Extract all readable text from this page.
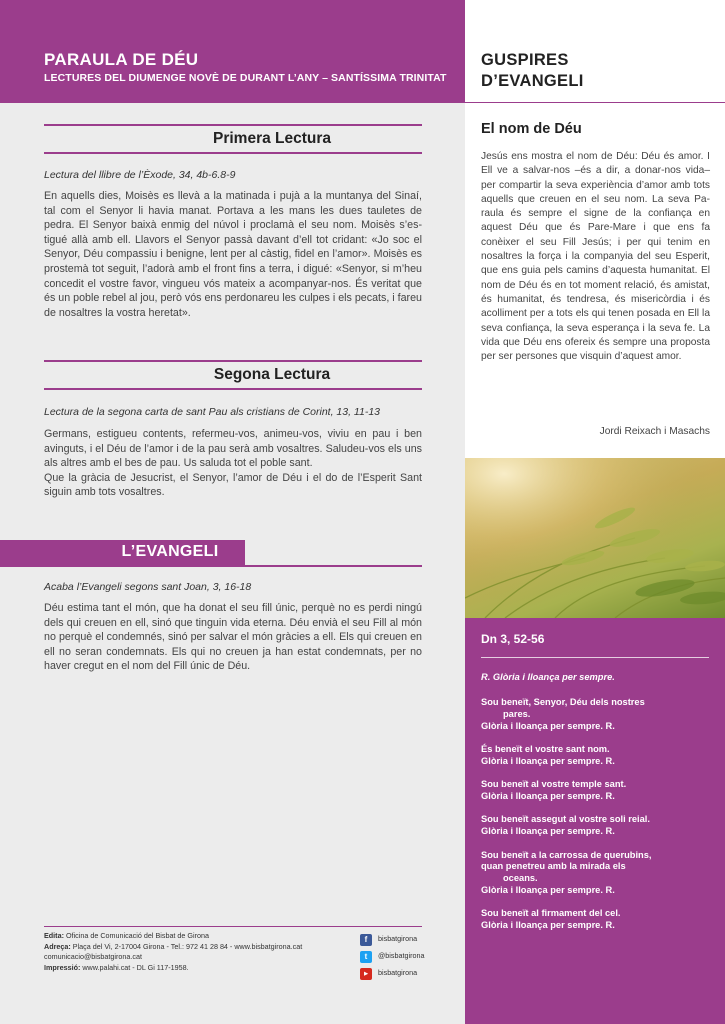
PARAULA DE DÉU
LECTURES DEL DIUMENGE NOVÈ DE DURANT L’ANY – SANTÍSSIMA TRINITAT
Primera Lectura
Lectura del llibre de l’Èxode, 34, 4b-6.8-9
En aquells dies, Moisès es llevà a la matinada i pujà a la muntanya del Sinaí, tal com el Senyor li havia manat. Portava a les mans les dues tauletes de pedra. El Senyor baixà enmig del núvol i proclamà el seu nom. Moisès s’estigué allà amb ell. Llavors el Senyor passà davant d’ell tot cridant: «Jo soc el Senyor, Déu compassiu i benigne, lent per al càstig, fidel en l’amor». Moisès es prostemà tot seguit, l’adorà amb el front fins a terra, i digué: «Senyor, si m’heu concedit el vostre favor, vingueu vós mateix a acompanyar-nos. És veritat que és un poble rebel al jou, però vós ens perdonareu les culpes i els pecats, i fareu de nosaltres la vostra heretat».
Segona Lectura
Lectura de la segona carta de sant Pau als cristians de Corint, 13, 11-13
Germans, estigueu contents, refermeu-vos, animeu-vos, viviu en pau i ben avinguts, i el Déu de l’amor i de la pau serà amb vosaltres. Saludeu-vos els uns als altres amb el bes de pau. Us saluda tot el poble sant.
Que la gràcia de Jesucrist, el Senyor, l’amor de Déu i el do de l’Esperit Sant siguin amb tots vosaltres.
L’EVANGELI
Acaba l’Evangeli segons sant Joan, 3, 16-18
Déu estima tant el món, que ha donat el seu fill únic, perquè no es perdi ningú dels qui creuen en ell, sinó que tinguin vida eterna. Déu envià el seu Fill al món no perquè el condemnés, sinó per salvar el món gràcies a ell. Els qui creuen en ell no seran condemnats. Els qui no creuen ja han estat condemnats, per no haver cregut en el nom del Fill únic de Déu.
Edita: Oficina de Comunicació del Bisbat de Girona
Adreça: Plaça del Vi, 2-17004 Girona - Tel.: 972 41 28 84 - www.bisbatgirona.cat
comunicacio@bisbatgirona.cat
Impressió: www.palahi.cat - DL Gi 117-1958.
f	bisbatgirona
t	@bisbatgirona
▶	bisbatgirona
GUSPIRES
D’EVANGELI
El nom de Déu
Jesús ens mostra el nom de Déu: Déu és amor. I Ell ve a salvar-nos –és a dir, a donar-nos vida– per compartir la seva experiència d’amor amb tots aquells que creuen en el seu nom. La seva Paraula és sempre el signe de la confiança en aquest Déu que és Pare-Mare i que ens fa conèixer el seu Fill Jesús; i per qui tenim en nosaltres la força i la companyia del seu Esperit, que ens guia pels camins d’aquesta humanitat. El nom de Déu és en tot moment relació, és amistat, és humanitat, és tendresa, és misericòrdia i és acolliment per a tots els qui tenen posada en Ell la seva confiança, la seva esperança i la seva fe. La vida que Déu ens ofereix és sempre una proposta per ser persones que visquin d’aquest amor.
Jordi Reixach i Masachs
Dn 3, 52-56
R. Glòria i lloança per sempre.
Sou beneït, Senyor, Déu dels nostres
pares.
Glòria i lloança per sempre. R.
És beneït el vostre sant nom.
Glòria i lloança per sempre. R.
Sou beneït al vostre temple sant.
Glòria i lloança per sempre. R.
Sou beneït assegut al vostre soli reial.
Glòria i lloança per sempre. R.
Sou beneït a la carrossa de querubins,
quan penetreu amb la mirada els
oceans.
Glòria i lloança per sempre. R.
Sou beneït al firmament del cel.
Glòria i lloança per sempre. R.
